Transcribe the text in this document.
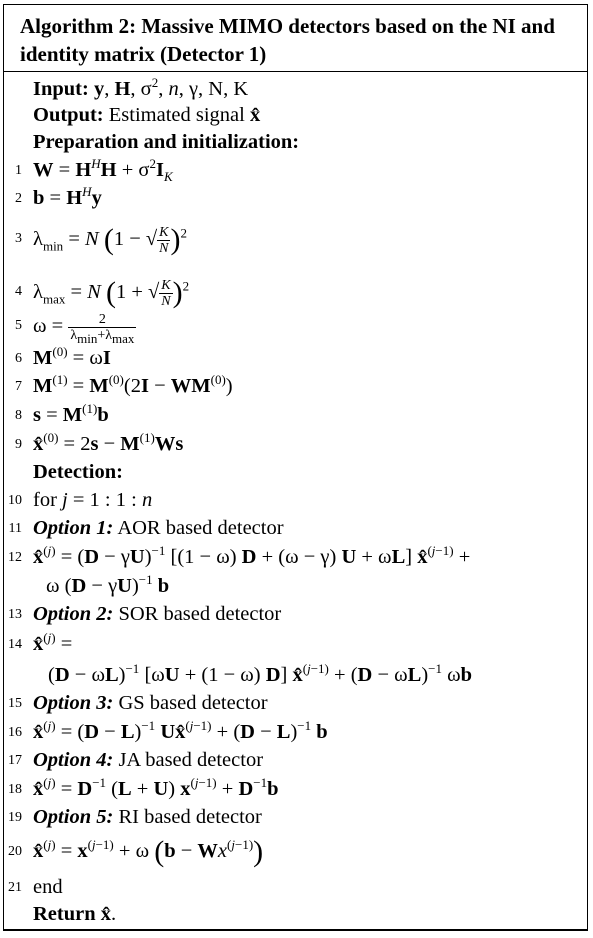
Algorithm 2: Massive MIMO detectors based on the NI and identity matrix (Detector 1)
Input: y, H, $\sigma^2$, n, γ, N, K
Output: Estimated signal x̂
Preparation and initialization:
1 $W = H^HH + \sigma^2I_K$
2 $b = H^Hy$
3 $\lambda_{min} = N$ (1 − √ $\frac{K}{N} )^2$
4 $\lambda_{max} = N$ (1 + √ $\frac{K}{N} )^2$
5 $\omega = \frac{2}{\lambda_{min}+\lambda_{max}}$
6 $M^{(0)} = \omega I$
7 $M^{(1)} = M^{(0)}(2I - WM^{(0)})$
8 $s = M^{(1)}b$
9 x̂$^{(0)}$ = $2s - M^{(1)}Ws$
Detection:
10 for j = 1 : 1 : n
11 Option 1: AOR based detector
12 x̂$^{(j)}$ = $(D - \gamma U)^{-1}$ [(1 − ω) D + (ω − γ) U + ωL] x̂$^{(j-1)}$ +
ω $(D - \gamma U)^{-1}$ b
13 Option 2: SOR based detector
14 x̂$^{(j)}$ =
$(D - \omega L)^{-1}$ [ωU + (1 − ω) D] x̂$^{(j-1)}$ + $(D - \omega L)^{-1}$ ωb
15 Option 3: GS based detector
16 x̂$^{(j)}$ = $(D - L)^{-1}$ Ux̂$^{(j-1)}$ + $(D - L)^{-1}$ b
17 Option 4: JA based detector
18 x̂$^{(j)}$ = $D^{-1}$ (L + U) $x^{(j-1)} + D^{-1}b$
19 Option 5: RI based detector
20 x̂$^{(j)}$ = $x^{(j-1)} + \omega$ $(b - Wx^{(j-1)})$
21 end
Return x̂.
